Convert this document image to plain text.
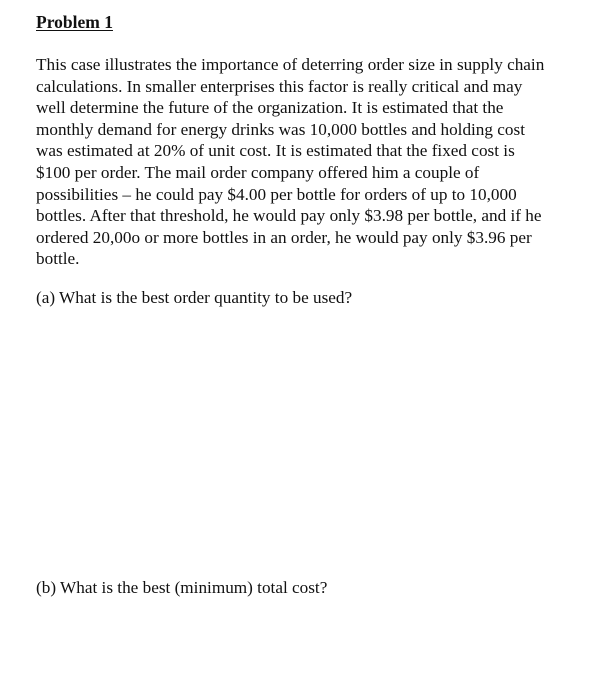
Problem 1

This case illustrates the importance of deterring order size in supply chain
calculations. In smaller enterprises this factor is really critical and may
well determine the future of the organization. It is estimated that the
monthly demand for energy drinks was 10,000 bottles and holding cost
was estimated at 20% of unit cost. It is estimated that the fixed cost is
$100 per order. The mail order company offered him a couple of
possibilities – he could pay $4.00 per bottle for orders of up to 10,000
bottles. After that threshold, he would pay only $3.98 per bottle, and if he
ordered 20,00o or more bottles in an order, he would pay only $3.96 per
bottle.

(a) What is the best order quantity to be used?

(b) What is the best (minimum) total cost?
